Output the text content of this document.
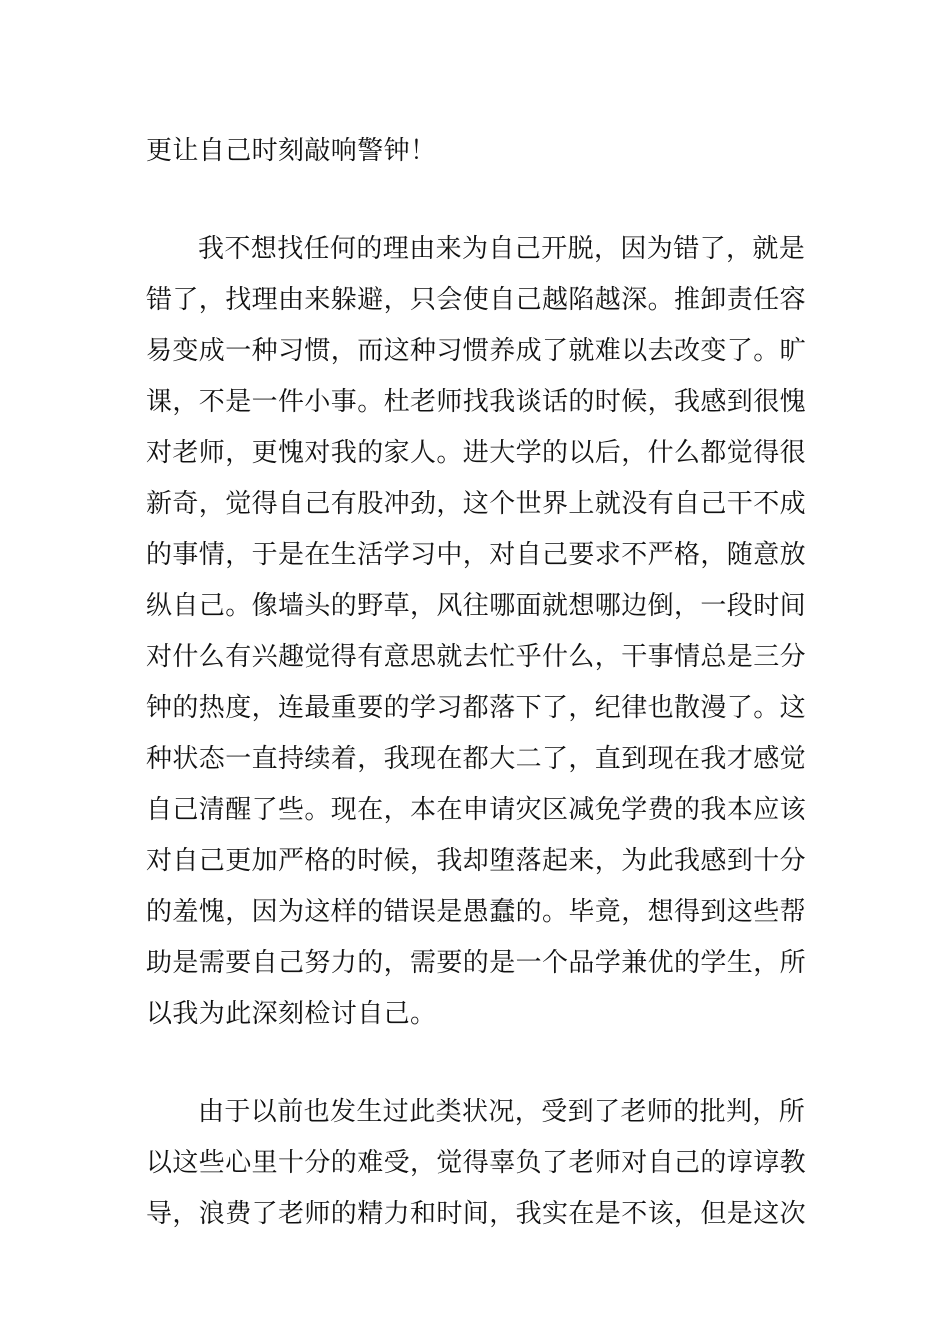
更让自己时刻敲响警钟！
我不想找任何的理由来为自己开脱，因为错了，就是
错了，找理由来躲避，只会使自己越陷越深。推卸责任容
易变成一种习惯，而这种习惯养成了就难以去改变了。旷
课，不是一件小事。杜老师找我谈话的时候，我感到很愧
对老师，更愧对我的家人。进大学的以后，什么都觉得很
新奇，觉得自己有股冲劲，这个世界上就没有自己干不成
的事情，于是在生活学习中，对自己要求不严格，随意放
纵自己。像墙头的野草，风往哪面就想哪边倒，一段时间
对什么有兴趣觉得有意思就去忙乎什么，干事情总是三分
钟的热度，连最重要的学习都落下了，纪律也散漫了。这
种状态一直持续着，我现在都大二了，直到现在我才感觉
自己清醒了些。现在，本在申请灾区减免学费的我本应该
对自己更加严格的时候，我却堕落起来，为此我感到十分
的羞愧，因为这样的错误是愚蠢的。毕竟，想得到这些帮
助是需要自己努力的，需要的是一个品学兼优的学生，所
以我为此深刻检讨自己。
由于以前也发生过此类状况，受到了老师的批判，所
以这些心里十分的难受，觉得辜负了老师对自己的谆谆教
导，浪费了老师的精力和时间，我实在是不该，但是这次
